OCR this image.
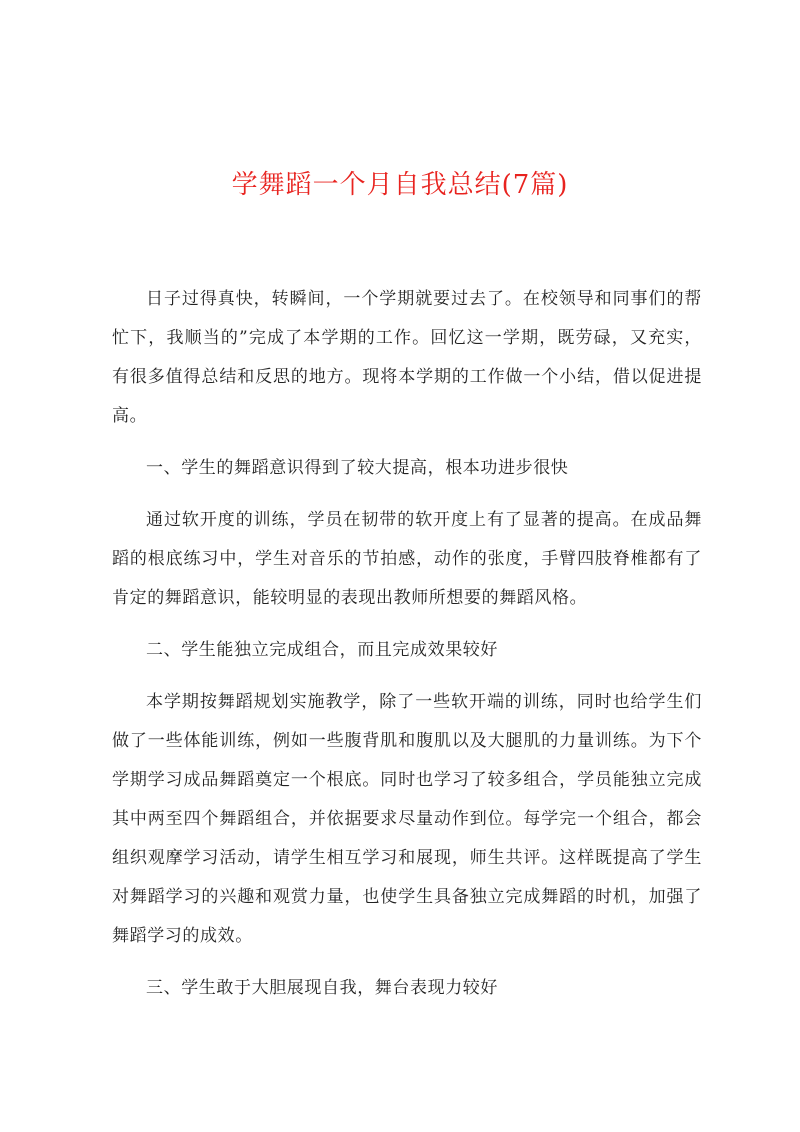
学舞蹈一个月自我总结(7篇)

日子过得真快，转瞬间，一个学期就要过去了。在校领导和同事们的帮忙下，我顺当的”完成了本学期的工作。回忆这一学期，既劳碌，又充实，有很多值得总结和反思的地方。现将本学期的工作做一个小结，借以促进提高。

一、学生的舞蹈意识得到了较大提高，根本功进步很快

通过软开度的训练，学员在韧带的软开度上有了显著的提高。在成品舞蹈的根底练习中，学生对音乐的节拍感，动作的张度，手臂四肢脊椎都有了肯定的舞蹈意识，能较明显的表现出教师所想要的舞蹈风格。

二、学生能独立完成组合，而且完成效果较好

本学期按舞蹈规划实施教学，除了一些软开端的训练，同时也给学生们做了一些体能训练，例如一些腹背肌和腹肌以及大腿肌的力量训练。为下个学期学习成品舞蹈奠定一个根底。同时也学习了较多组合，学员能独立完成其中两至四个舞蹈组合，并依据要求尽量动作到位。每学完一个组合，都会组织观摩学习活动，请学生相互学习和展现，师生共评。这样既提高了学生对舞蹈学习的兴趣和观赏力量，也使学生具备独立完成舞蹈的时机，加强了舞蹈学习的成效。

三、学生敢于大胆展现自我，舞台表现力较好
